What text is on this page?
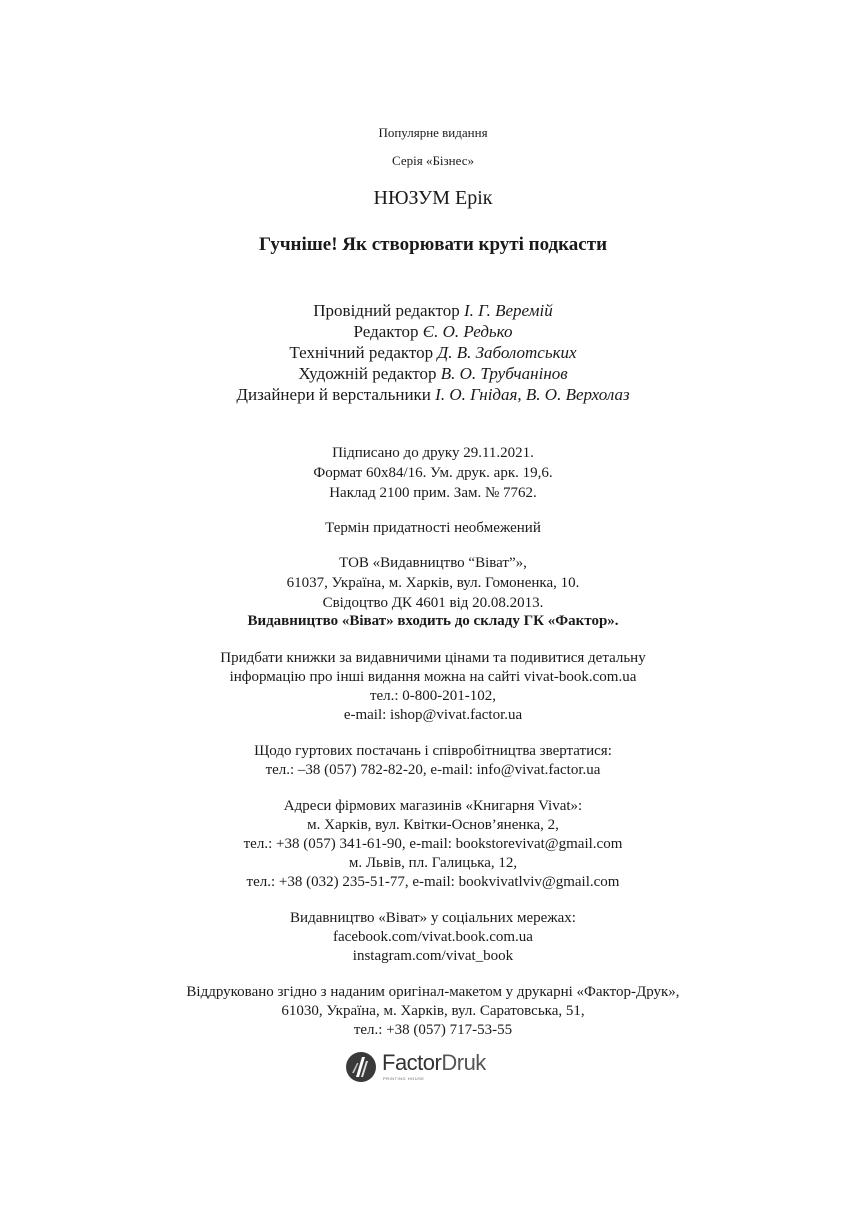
Популярне видання
Серія «Бізнес»
НЮЗУМ Ерік
Гучніше! Як створювати круті подкасти
Провідний редактор І. Г. Веремій
Редактор Є. О. Редько
Технічний редактор Д. В. Заболотських
Художній редактор В. О. Трубчанінов
Дизайнери й верстальники І. О. Гнідая, В. О. Верхолаз
Підписано до друку 29.11.2021.
Формат 60х84/16. Ум. друк. арк. 19,6.
Наклад 2100 прим. Зам. № 7762.
Термін придатності необмежений
ТОВ «Видавництво “Віват”»,
61037, Україна, м. Харків, вул. Гомоненка, 10.
Свідоцтво ДК 4601 від 20.08.2013.
Видавництво «Віват» входить до складу ГК «Фактор».
Придбати книжки за видавничими цінами та подивитися детальну
інформацію про інші видання можна на сайті vivat-book.com.ua
тел.: 0-800-201-102,
e-mail: ishop@vivat.factor.ua
Щодо гуртових постачань і співробітництва звертатися:
тел.: –38 (057) 782-82-20, e-mail: info@vivat.factor.ua
Адреси фірмових магазинів «Книгарня Vivat»:
м. Харків, вул. Квітки-Основ’яненка, 2,
тел.: +38 (057) 341-61-90, e-mail: bookstorevivat@gmail.com
м. Львів, пл. Галицька, 12,
тел.: +38 (032) 235-51-77, e-mail: bookvivatlviv@gmail.com
Видавництво «Віват» у соціальних мережах:
facebook.com/vivat.book.com.ua
instagram.com/vivat_book
Віддруковано згідно з наданим оригінал-макетом у друкарні «Фактор-Друк»,
61030, Україна, м. Харків, вул. Саратовська, 51,
тел.: +38 (057) 717-53-55
FactorDruk
PRINTING HOUSE
